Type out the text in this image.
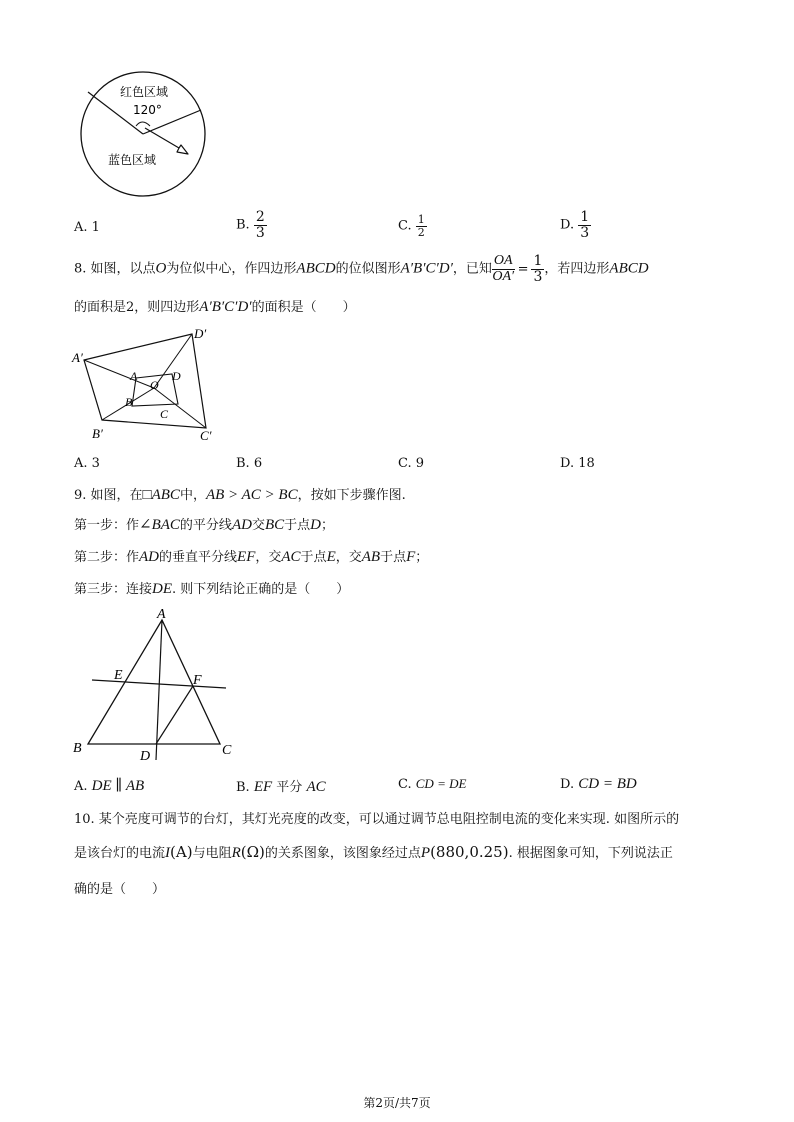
红色区域
120°
蓝色区域
A. 1	B. $\frac{2}{3}$	C. $\frac{1}{2}$	D. $\frac{1}{3}$
8. 如图，以点O为位似中心，作四边形ABCD的位似图形A′B′C′D′，已知 $\frac{OA}{OA'} = \frac{1}{3}$ ，若四边形ABCD
的面积是2，则四边形A′B′C′D′的面积是（　　）
A′
D′
A	D
O
B
C
B′	C′
A. 3	B. 6	C. 9	D. 18
9. 如图，在□ABC中，AB > AC > BC，按如下步骤作图.
第一步：作∠BAC的平分线AD交BC于点D；
第二步：作AD的垂直平分线EF，交AC于点E，交AB于点F；
第三步：连接DE. 则下列结论正确的是（　　）
A
E	F
B
D	C
A. DE ∥ AB	B. EF 平分 AC	C. CD = DE	D. CD = BD
10. 某个亮度可调节的台灯，其灯光亮度的改变，可以通过调节总电阻控制电流的变化来实现. 如图所示的
是该台灯的电流I(A)与电阻R(Ω)的关系图象，该图象经过点P(880,0.25). 根据图象可知，下列说法正
确的是（　　）
第2页/共7页
